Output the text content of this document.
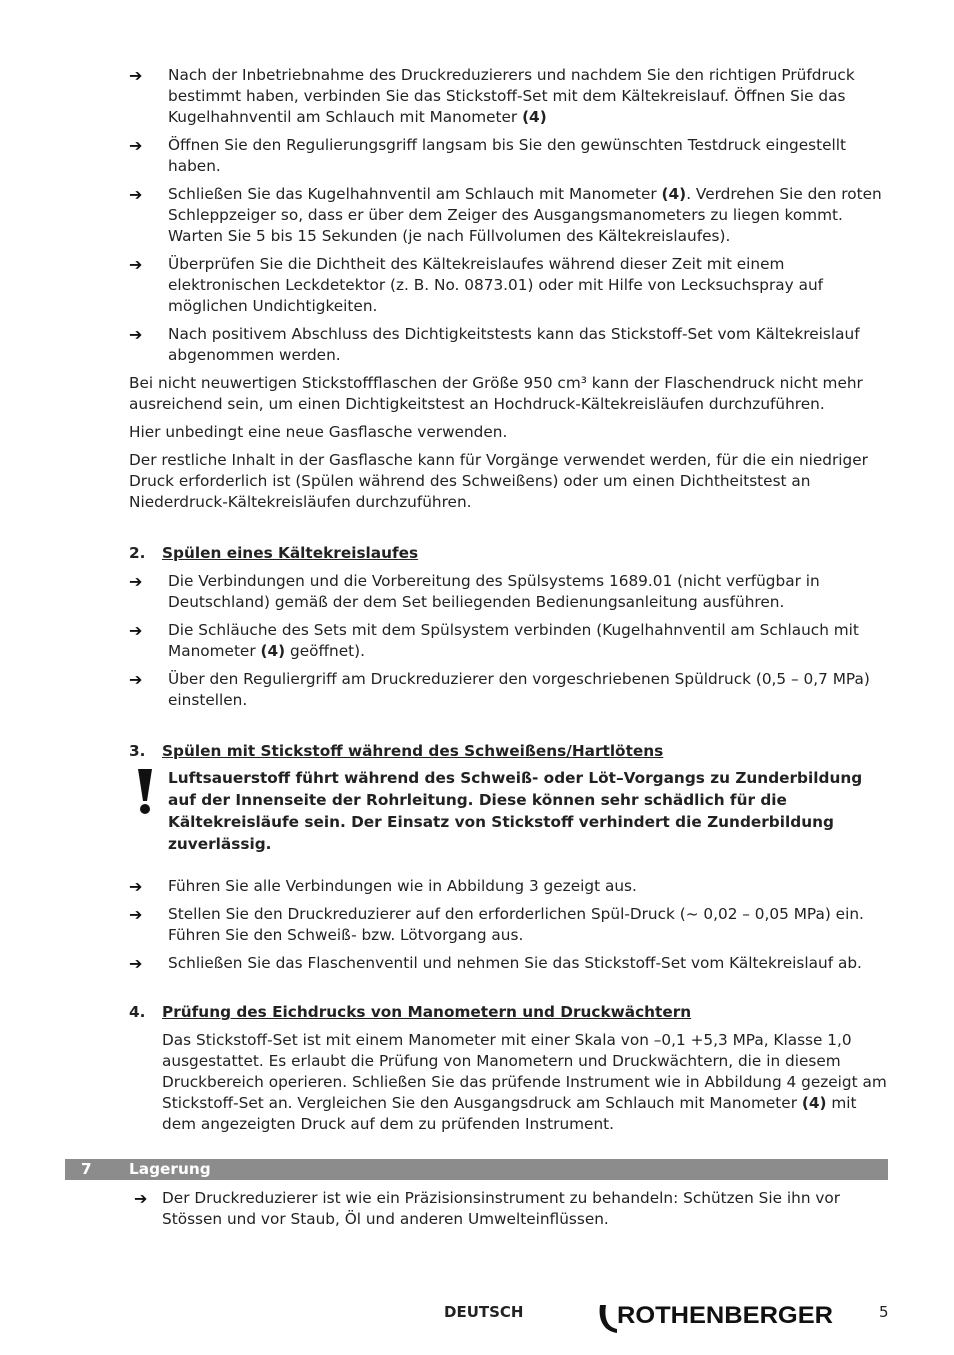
➔	Nach der Inbetriebnahme des Druckreduzierers und nachdem Sie den richtigen Prüfdruck bestimmt haben, verbinden Sie das Stickstoff-Set mit dem Kältekreislauf. Öffnen Sie das Kugelhahnventil am Schlauch mit Manometer (4)
➔	Öffnen Sie den Regulierungsgriff langsam bis Sie den gewünschten Testdruck eingestellt haben.
➔	Schließen Sie das Kugelhahnventil am Schlauch mit Manometer (4). Verdrehen Sie den roten Schleppzeiger so, dass er über dem Zeiger des Ausgangsmanometers zu liegen kommt. Warten Sie 5 bis 15 Sekunden (je nach Füllvolumen des Kältekreislaufes).
➔	Überprüfen Sie die Dichtheit des Kältekreislaufes während dieser Zeit mit einem elektronischen Leckdetektor (z. B. No. 0873.01) oder mit Hilfe von Lecksuchspray auf möglichen Undichtigkeiten.
➔	Nach positivem Abschluss des Dichtigkeitstests kann das Stickstoff-Set vom Kältekreislauf abgenommen werden.

Bei nicht neuwertigen Stickstoffflaschen der Größe 950 cm³ kann der Flaschendruck nicht mehr ausreichend sein, um einen Dichtigkeitstest an Hochdruck-Kältekreisläufen durchzuführen.

Hier unbedingt eine neue Gasflasche verwenden.

Der restliche Inhalt in der Gasflasche kann für Vorgänge verwendet werden, für die ein niedriger Druck erforderlich ist (Spülen während des Schweißens) oder um einen Dichtheitstest an Niederdruck-Kältekreisläufen durchzuführen.

2. Spülen eines Kältekreislaufes

➔	Die Verbindungen und die Vorbereitung des Spülsystems 1689.01 (nicht verfügbar in Deutschland) gemäß der dem Set beiliegenden Bedienungsanleitung ausführen.
➔	Die Schläuche des Sets mit dem Spülsystem verbinden (Kugelhahnventil am Schlauch mit Manometer (4) geöffnet).
➔	Über den Reguliergriff am Druckreduzierer den vorgeschriebenen Spüldruck (0,5 – 0,7 MPa) einstellen.

3. Spülen mit Stickstoff während des Schweißens/Hartlötens

Luftsauerstoff führt während des Schweiß- oder Löt–Vorgangs zu Zunderbildung auf der Innenseite der Rohrleitung. Diese können sehr schädlich für die Kältekreisläufe sein. Der Einsatz von Stickstoff verhindert die Zunderbildung zuverlässig.
➔	Führen Sie alle Verbindungen wie in Abbildung 3 gezeigt aus.
➔	Stellen Sie den Druckreduzierer auf den erforderlichen Spül-Druck (~ 0,02 – 0,05 MPa) ein. Führen Sie den Schweiß- bzw. Lötvorgang aus.
➔	Schließen Sie das Flaschenventil und nehmen Sie das Stickstoff-Set vom Kältekreislauf ab.

4. Prüfung des Eichdrucks von Manometern und Druckwächtern

Das Stickstoff-Set ist mit einem Manometer mit einer Skala von –0,1 +5,3 MPa, Klasse 1,0 ausgestattet. Es erlaubt die Prüfung von Manometern und Druckwächtern, die in diesem Druckbereich operieren. Schließen Sie das prüfende Instrument wie in Abbildung 4 gezeigt am Stickstoff-Set an. Vergleichen Sie den Ausgangsdruck am Schlauch mit Manometer (4) mit dem angezeigten Druck auf dem zu prüfenden Instrument.

7 Lagerung
➔ Der Druckreduzierer ist wie ein Präzisionsinstrument zu behandeln: Schützen Sie ihn vor Stössen und vor Staub, Öl und anderen Umwelteinflüssen.
DEUTSCH	ROTHENBERGER	5
